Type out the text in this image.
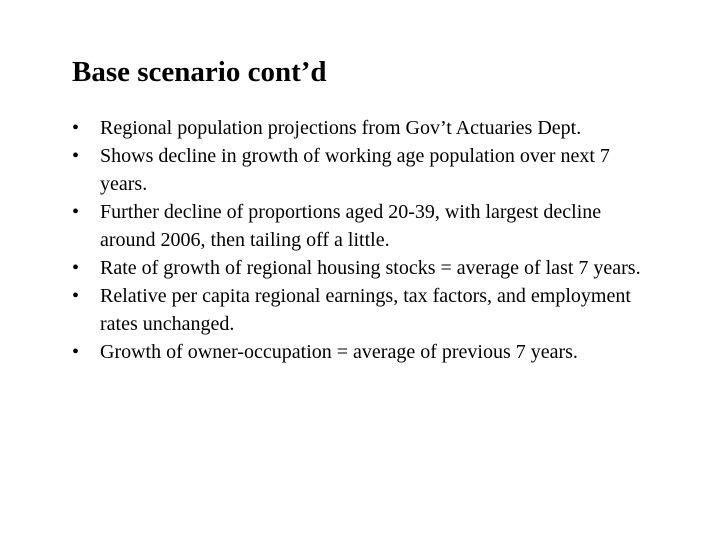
Base scenario cont’d
•	Regional population projections from Gov’t Actuaries Dept.
•	Shows decline in growth of working age population over next 7 years.
•	Further decline of proportions aged 20-39, with largest decline around 2006, then tailing off a little.
•	Rate of growth of regional housing stocks = average of last 7 years.
•	Relative per capita regional earnings, tax factors, and employment rates unchanged.
•	Growth of owner-occupation = average of previous 7 years.
